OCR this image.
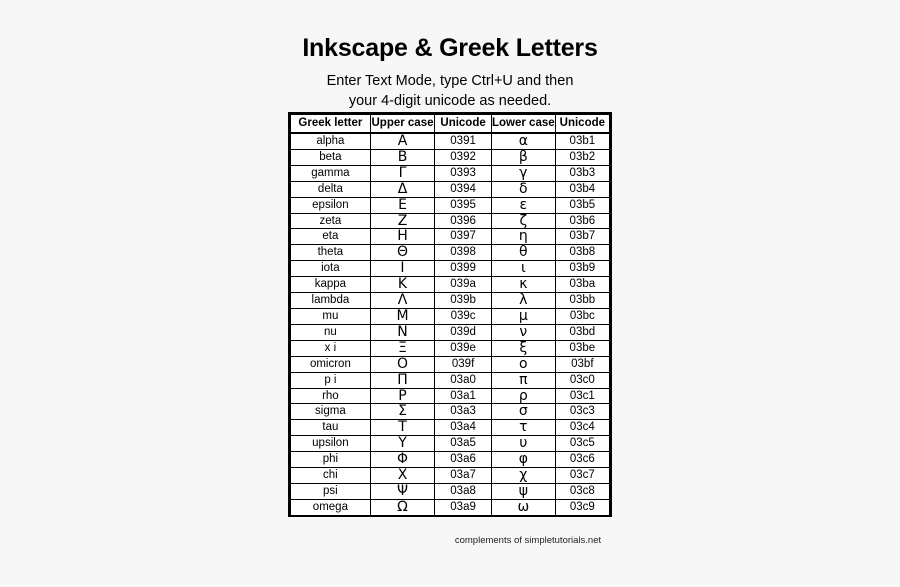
Inkscape & Greek Letters
Enter Text Mode, type Ctrl+U and then
your 4-digit unicode as needed.
Greek letter	Upper case	Unicode	Lower case	Unicode
alpha	Α	0391	α	03b1
beta	Β	0392	β	03b2
gamma	Γ	0393	γ	03b3
delta	Δ	0394	δ	03b4
epsilon	Ε	0395	ε	03b5
zeta	Ζ	0396	ζ	03b6
eta	Η	0397	η	03b7
theta	Θ	0398	θ	03b8
iota	Ι	0399	ι	03b9
kappa	Κ	039a	κ	03ba
lambda	Λ	039b	λ	03bb
mu	Μ	039c	μ	03bc
nu	Ν	039d	ν	03bd
x i	Ξ	039e	ξ	03be
omicron	Ο	039f	ο	03bf
p i	Π	03a0	π	03c0
rho	Ρ	03a1	ρ	03c1
sigma	Σ	03a3	σ	03c3
tau	Τ	03a4	τ	03c4
upsilon	Υ	03a5	υ	03c5
phi	Φ	03a6	φ	03c6
chi	Χ	03a7	χ	03c7
psi	Ψ	03a8	ψ	03c8
omega	Ω	03a9	ω	03c9
complements of simpletutorials.net
